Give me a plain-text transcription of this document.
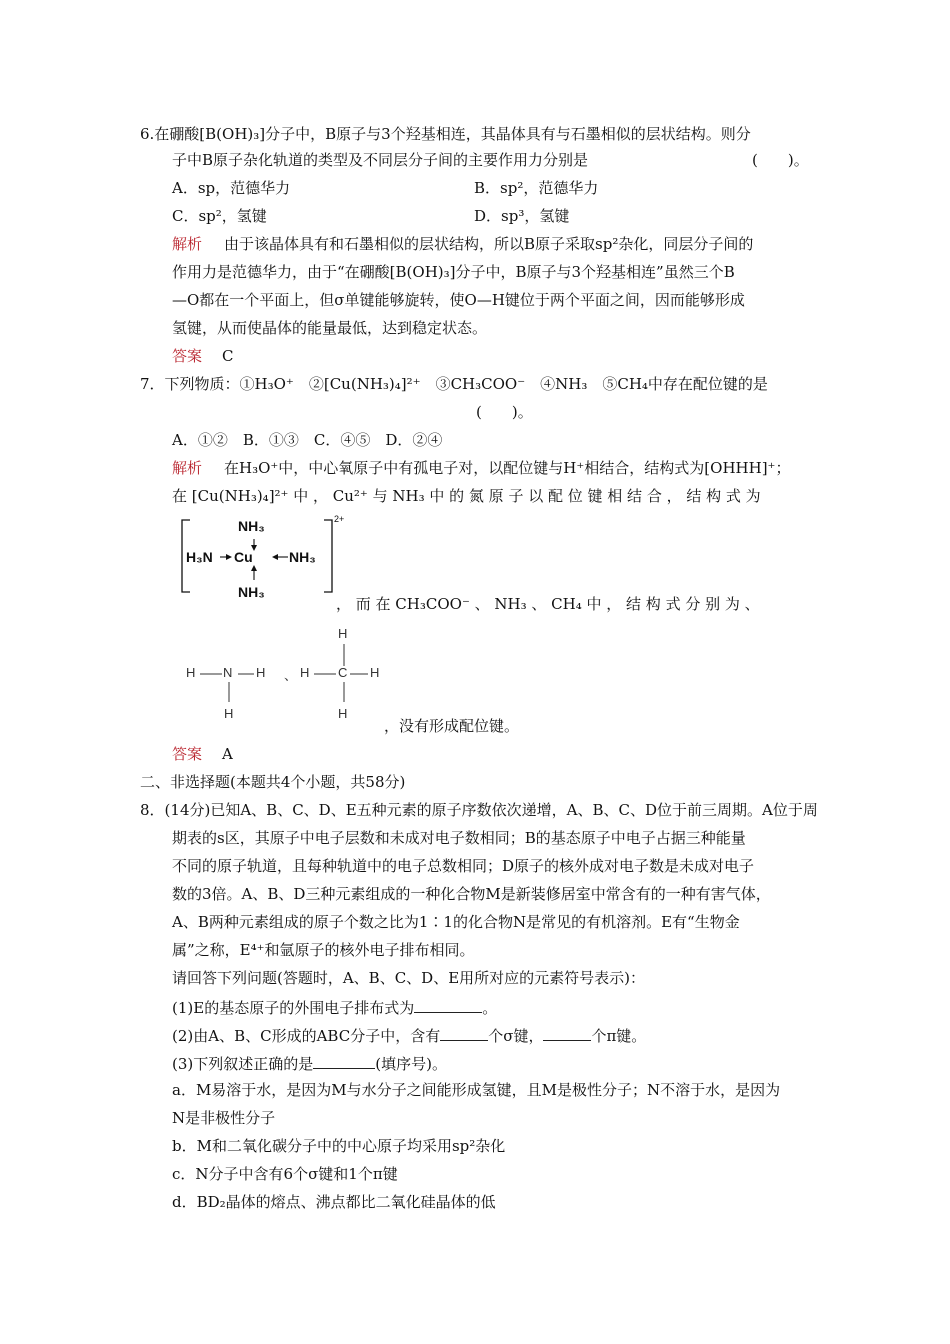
6.在硼酸[B(OH)₃]分子中，B原子与3个羟基相连，其晶体具有与石墨相似的层状结构。则分
子中B原子杂化轨道的类型及不同层分子间的主要作用力分别是	(　　)。
A．sp，范德华力	B．sp²，范德华力
C．sp²，氢键	D．sp³，氢键
解析 由于该晶体具有和石墨相似的层状结构，所以B原子采取sp²杂化，同层分子间的
作用力是范德华力，由于“在硼酸[B(OH)₃]分子中，B原子与3个羟基相连”虽然三个B
—O都在一个平面上，但σ单键能够旋转，使O—H键位于两个平面之间，因而能够形成
氢键，从而使晶体的能量最低，达到稳定状态。
答案 C
7．下列物质：①H₃O⁺　②[Cu(NH₃)₄]²⁺　③CH₃COO⁻　④NH₃　⑤CH₄中存在配位键的是
(　　)。
A．①②　B．①③　C．④⑤　D．②④
解析 在H₃O⁺中，中心氧原子中有孤电子对，以配位键与H⁺相结合，结构式为[OHHH]⁺；
在 [Cu(NH₃)₄]²⁺ 中 ， Cu²⁺ 与 NH₃ 中 的 氮 原 子 以 配 位 键 相 结 合 ， 结 构 式 为
NH₃
H₃N Cu	NH₃
NH₃
2+
， 而 在 CH₃COO⁻ 、 NH₃ 、 CH₄ 中 ， 结 构 式 分 别 为 、
H N H
H
、 H C H
H
H
，没有形成配位键。
答案 A
二、非选择题(本题共4个小题，共58分)
8．(14分)已知A、B、C、D、E五种元素的原子序数依次递增，A、B、C、D位于前三周期。A位于周
期表的s区，其原子中电子层数和未成对电子数相同；B的基态原子中电子占据三种能量
不同的原子轨道，且每种轨道中的电子总数相同；D原子的核外成对电子数是未成对电子
数的3倍。A、B、D三种元素组成的一种化合物M是新装修居室中常含有的一种有害气体，
A、B两种元素组成的原子个数之比为1∶1的化合物N是常见的有机溶剂。E有“生物金
属”之称，E⁴⁺和氩原子的核外电子排布相同。
请回答下列问题(答题时，A、B、C、D、E用所对应的元素符号表示)：
(1)E的基态原子的外围电子排布式为	。
(2)由A、B、C形成的ABC分子中，含有	个σ键，	个π键。
(3)下列叙述正确的是	(填序号)。
a．M易溶于水，是因为M与水分子之间能形成氢键，且M是极性分子；N不溶于水，是因为
N是非极性分子
b．M和二氧化碳分子中的中心原子均采用sp²杂化
c．N分子中含有6个σ键和1个π键
d．BD₂晶体的熔点、沸点都比二氧化硅晶体的低
